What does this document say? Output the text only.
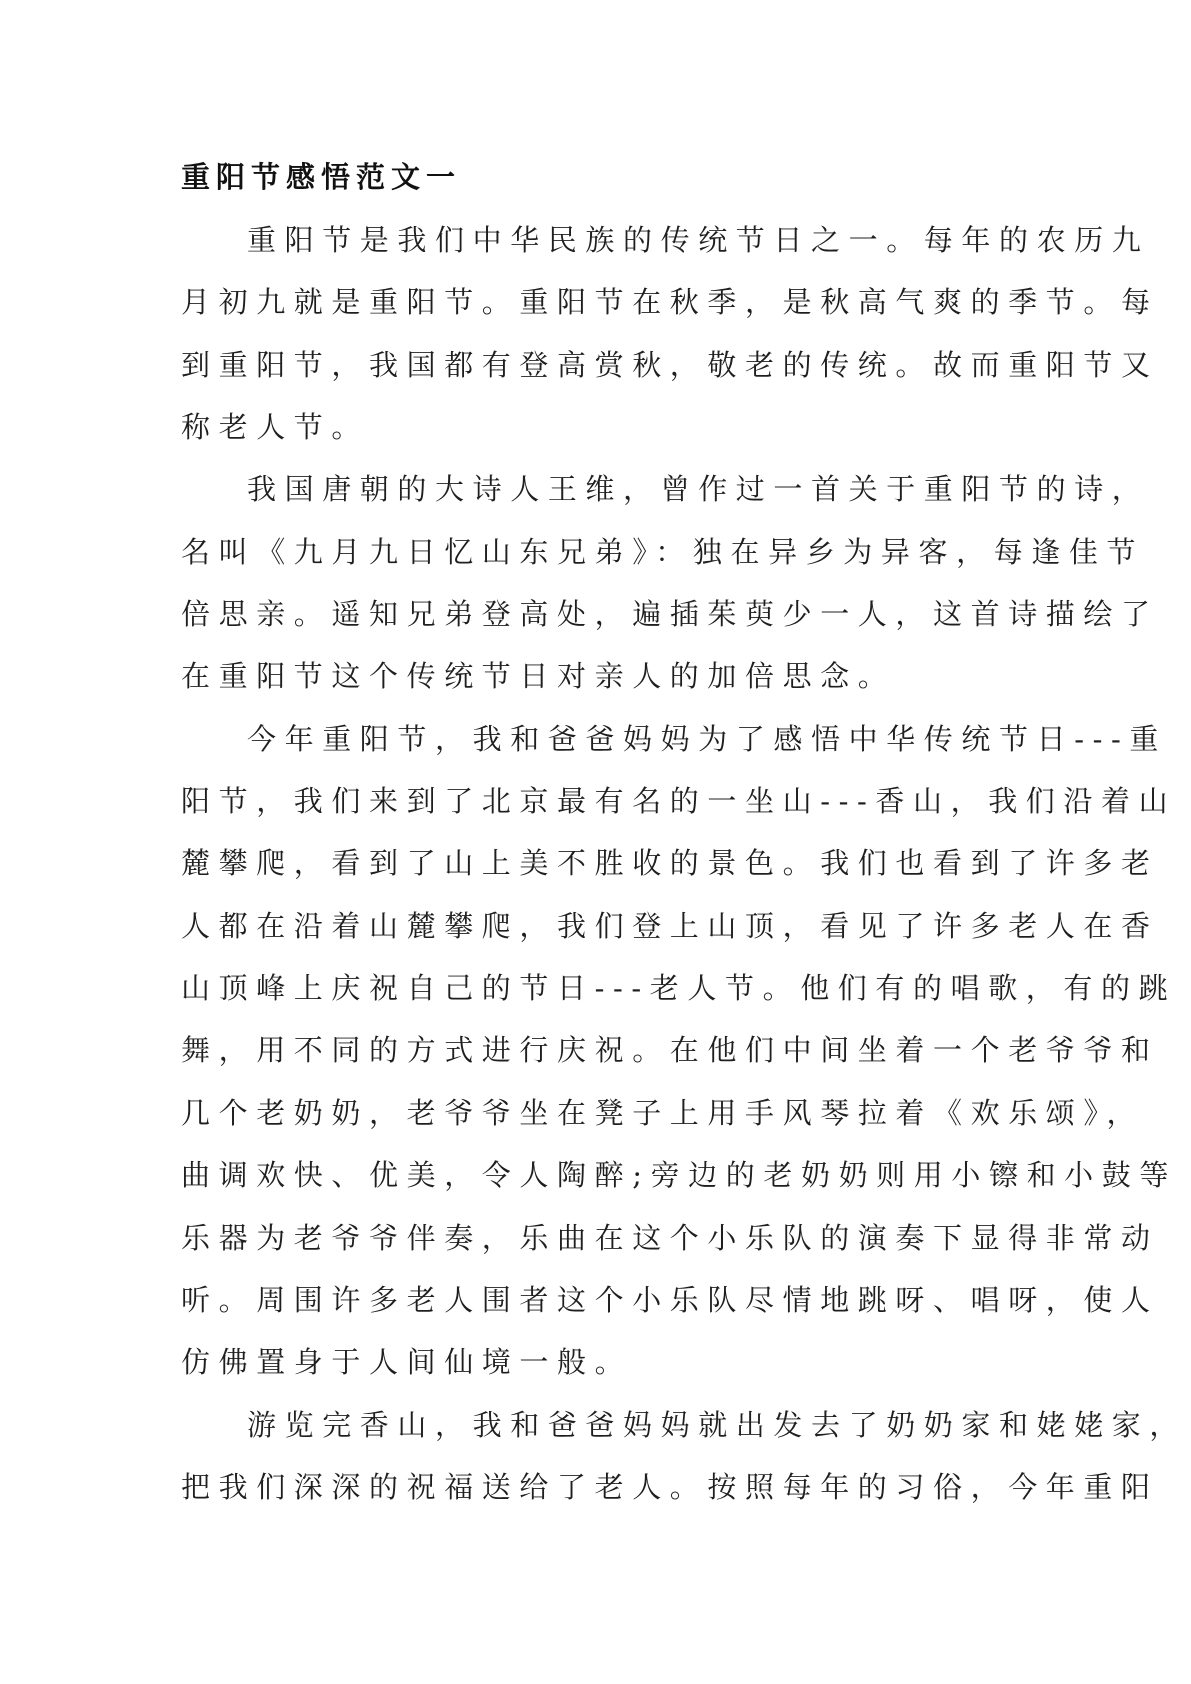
重阳节感悟范文一
重阳节是我们中华民族的传统节日之一。每年的农历九
月初九就是重阳节。重阳节在秋季，是秋高气爽的季节。每
到重阳节，我国都有登高赏秋，敬老的传统。故而重阳节又
称老人节。
我国唐朝的大诗人王维，曾作过一首关于重阳节的诗，
名叫《九月九日忆山东兄弟》：独在异乡为异客，每逢佳节
倍思亲。遥知兄弟登高处，遍插茱萸少一人，这首诗描绘了
在重阳节这个传统节日对亲人的加倍思念。
今年重阳节，我和爸爸妈妈为了感悟中华传统节日---重
阳节，我们来到了北京最有名的一坐山---香山，我们沿着山
麓攀爬，看到了山上美不胜收的景色。我们也看到了许多老
人都在沿着山麓攀爬，我们登上山顶，看见了许多老人在香
山顶峰上庆祝自己的节日---老人节。他们有的唱歌，有的跳
舞，用不同的方式进行庆祝。在他们中间坐着一个老爷爷和
几个老奶奶，老爷爷坐在凳子上用手风琴拉着《欢乐颂》，
曲调欢快、优美，令人陶醉;旁边的老奶奶则用小镲和小鼓等
乐器为老爷爷伴奏，乐曲在这个小乐队的演奏下显得非常动
听。周围许多老人围者这个小乐队尽情地跳呀、唱呀，使人
仿佛置身于人间仙境一般。
游览完香山，我和爸爸妈妈就出发去了奶奶家和姥姥家，
把我们深深的祝福送给了老人。按照每年的习俗，今年重阳
